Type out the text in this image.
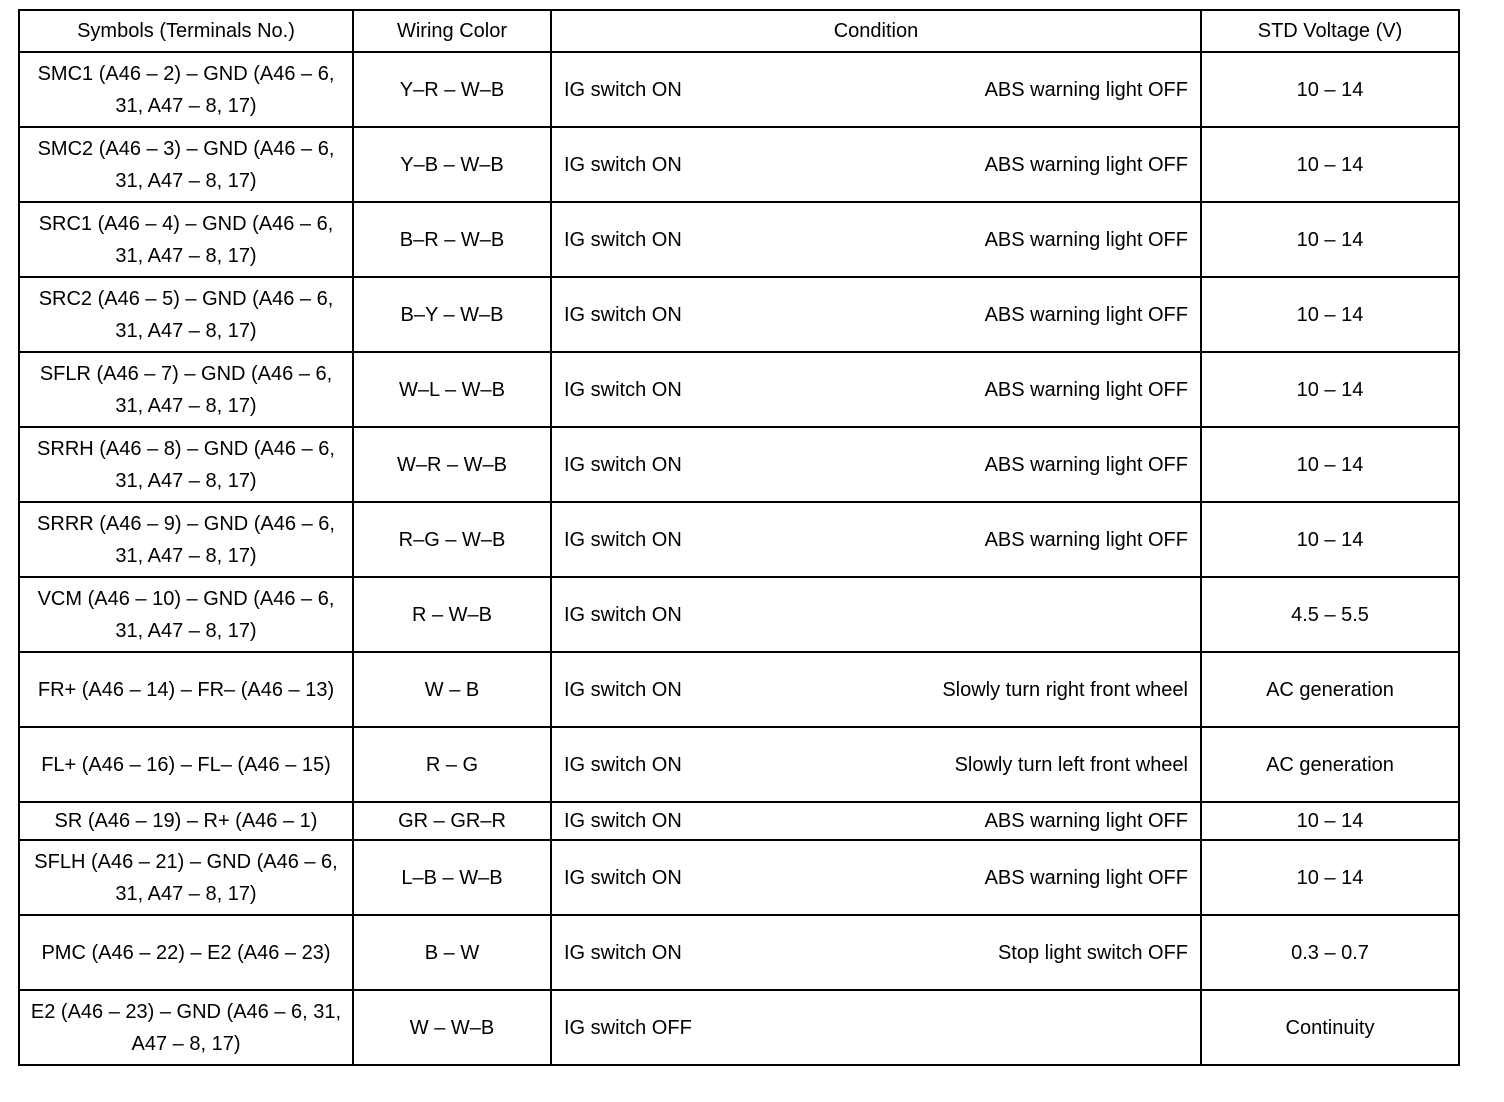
Symbols (Terminals No.)	Wiring Color	Condition	STD Voltage (V)
SMC1 (A46 – 2) – GND (A46 – 6, 31, A47 – 8, 17)	Y–R – W–B	IG switch ON ABS warning light OFF	10 – 14
SMC2 (A46 – 3) – GND (A46 – 6, 31, A47 – 8, 17)	Y–B – W–B	IG switch ON ABS warning light OFF	10 – 14
SRC1 (A46 – 4) – GND (A46 – 6, 31, A47 – 8, 17)	B–R – W–B	IG switch ON ABS warning light OFF	10 – 14
SRC2 (A46 – 5) – GND (A46 – 6, 31, A47 – 8, 17)	B–Y – W–B	IG switch ON ABS warning light OFF	10 – 14
SFLR (A46 – 7) – GND (A46 – 6, 31, A47 – 8, 17)	W–L – W–B	IG switch ON ABS warning light OFF	10 – 14
SRRH (A46 – 8) – GND (A46 – 6, 31, A47 – 8, 17)	W–R – W–B	IG switch ON ABS warning light OFF	10 – 14
SRRR (A46 – 9) – GND (A46 – 6, 31, A47 – 8, 17)	R–G – W–B	IG switch ON ABS warning light OFF	10 – 14
VCM (A46 – 10) – GND (A46 – 6, 31, A47 – 8, 17)	R – W–B	IG switch ON	4.5 – 5.5
FR+ (A46 – 14) – FR– (A46 – 13)	W – B	IG switch ON Slowly turn right front wheel	AC generation
FL+ (A46 – 16) – FL– (A46 – 15)	R – G	IG switch ON Slowly turn left front wheel	AC generation
SR (A46 – 19) – R+ (A46 – 1)	GR – GR–R	IG switch ON ABS warning light OFF	10 – 14
SFLH (A46 – 21) – GND (A46 – 6, 31, A47 – 8, 17)	L–B – W–B	IG switch ON ABS warning light OFF	10 – 14
PMC (A46 – 22) – E2 (A46 – 23)	B – W	IG switch ON Stop light switch OFF	0.3 – 0.7
E2 (A46 – 23) – GND (A46 – 6, 31, A47 – 8, 17)	W – W–B	IG switch OFF	Continuity
